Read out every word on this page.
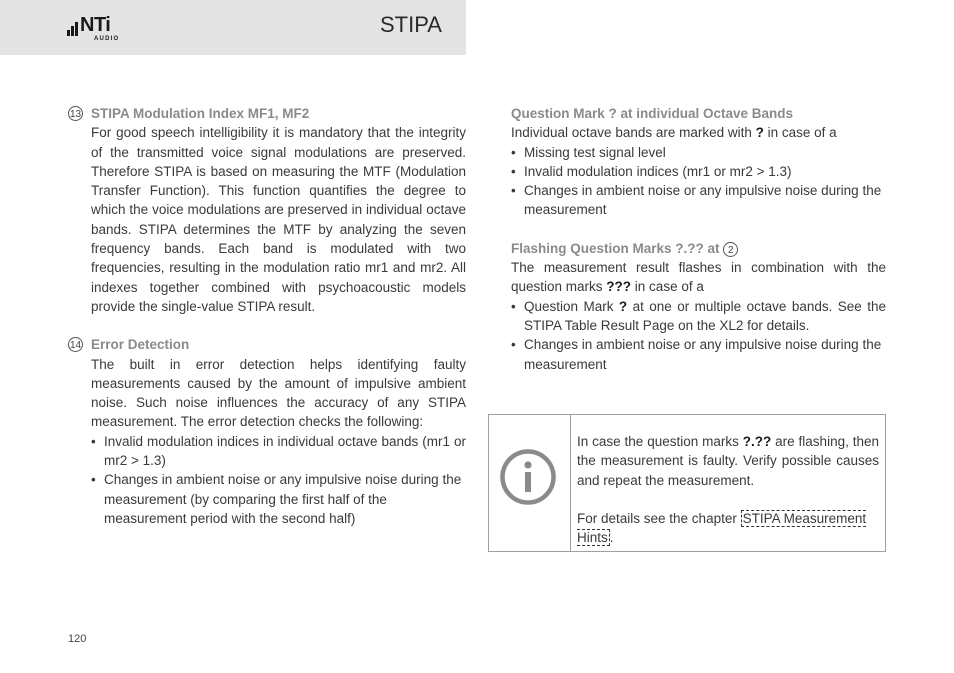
NTi
AUDIO
STIPA
13 STIPA Modulation Index MF1, MF2
For good speech intelligibility it is mandatory that the integrity of the transmitted voice signal modulations are preserved. Therefore STIPA is based on measuring the MTF (Modulation Transfer Function). This function quantifies the degree to which the voice modulations are preserved in individual octave bands. STIPA determines the MTF by analyzing the seven frequency bands. Each band is modulated with two frequencies, resulting in the modulation ratio mr1 and mr2. All indexes together combined with psychoacoustic models provide the single-value STIPA result.
14 Error Detection
The built in error detection helps identifying faulty measurements caused by the amount of impulsive ambient noise. Such noise influences the accuracy of any STIPA measurement. The error detection checks the following:
• Invalid modulation indices in individual octave bands (mr1 or mr2 > 1.3)
• Changes in ambient noise or any impulsive noise during the measurement (by comparing the first half of the measurement period with the second half)
Question Mark ? at individual Octave Bands
Individual octave bands are marked with ? in case of a
• Missing test signal level
• Invalid modulation indices (mr1 or mr2 > 1.3)
• Changes in ambient noise or any impulsive noise during the measurement
Flashing Question Marks ?.?? at 2
The measurement result flashes in combination with the question marks ??? in case of a
• Question Mark ? at one or multiple octave bands. See the STIPA Table Result Page on the XL2 for details.
• Changes in ambient noise or any impulsive noise during the measurement
In case the question marks ?.?? are flashing, then the measurement is faulty. Verify possible causes and repeat the measurement.
For details see the chapter STIPA Measurement Hints .
120
